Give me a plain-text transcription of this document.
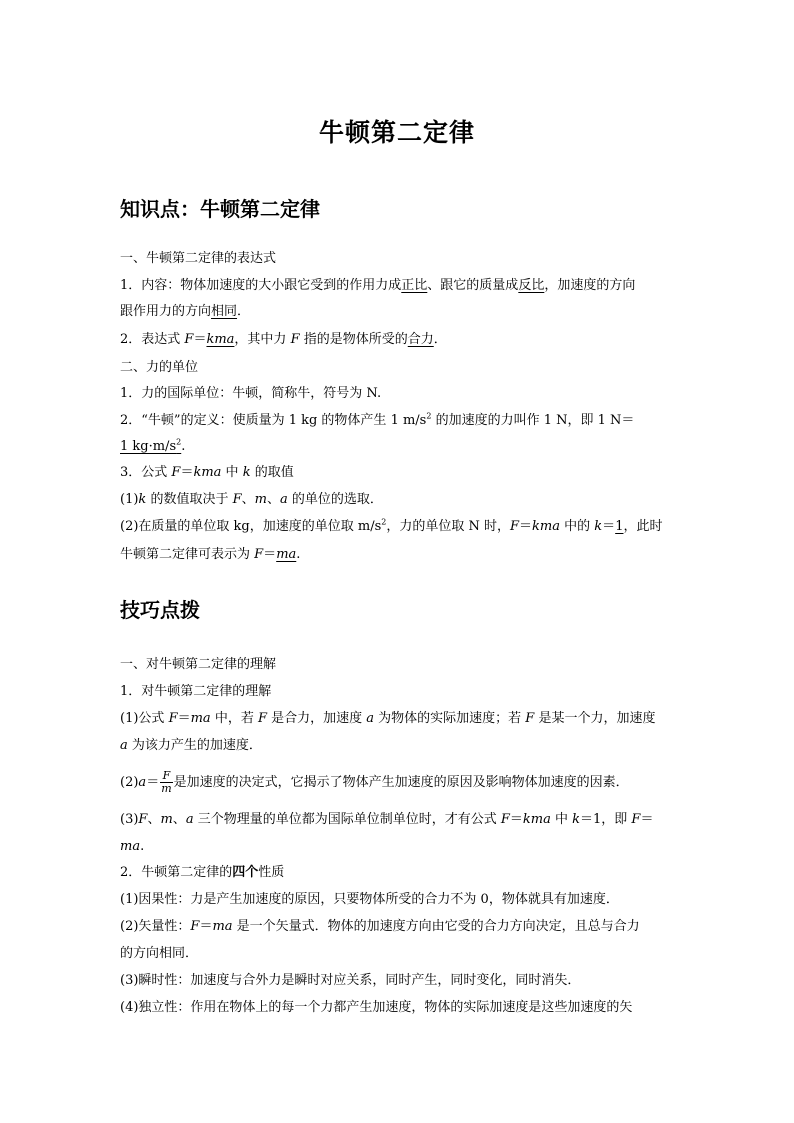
牛顿第二定律
知识点：牛顿第二定律
一、牛顿第二定律的表达式
1．内容：物体加速度的大小跟它受到的作用力成正比、跟它的质量成反比，加速度的方向
跟作用力的方向相同．
2．表达式 F＝kma，其中力 F 指的是物体所受的合力．
二、力的单位
1．力的国际单位：牛顿，简称牛，符号为 N.
2．“牛顿”的定义：使质量为 1 kg 的物体产生 1 $m/s^2$ 的加速度的力叫作 1 N，即 1 N＝
1 $kg\cdot m/s^2$.
3．公式 F＝kma 中 k 的取值
(1)k 的数值取决于 F、m、a 的单位的选取．
(2)在质量的单位取 kg，加速度的单位取 $m/s^2$，力的单位取 N 时，F＝kma 中的 k＝1，此时
牛顿第二定律可表示为 F＝ma.
技巧点拨
一、对牛顿第二定律的理解
1．对牛顿第二定律的理解
(1)公式 F＝ma 中，若 F 是合力，加速度 a 为物体的实际加速度；若 F 是某一个力，加速度
a 为该力产生的加速度．
$(2)a= \frac{F}{m}$ 是加速度的决定式，它揭示了物体产生加速度的原因及影响物体加速度的因素．
(3)F、m、a 三个物理量的单位都为国际单位制单位时，才有公式 F＝kma 中 k＝1，即 F＝
ma.
2．牛顿第二定律的四个性质
(1)因果性：力是产生加速度的原因，只要物体所受的合力不为 0，物体就具有加速度．
(2)矢量性：F＝ma 是一个矢量式．物体的加速度方向由它受的合力方向决定，且总与合力
的方向相同．
(3)瞬时性：加速度与合外力是瞬时对应关系，同时产生，同时变化，同时消失．
(4)独立性：作用在物体上的每一个力都产生加速度，物体的实际加速度是这些加速度的矢
